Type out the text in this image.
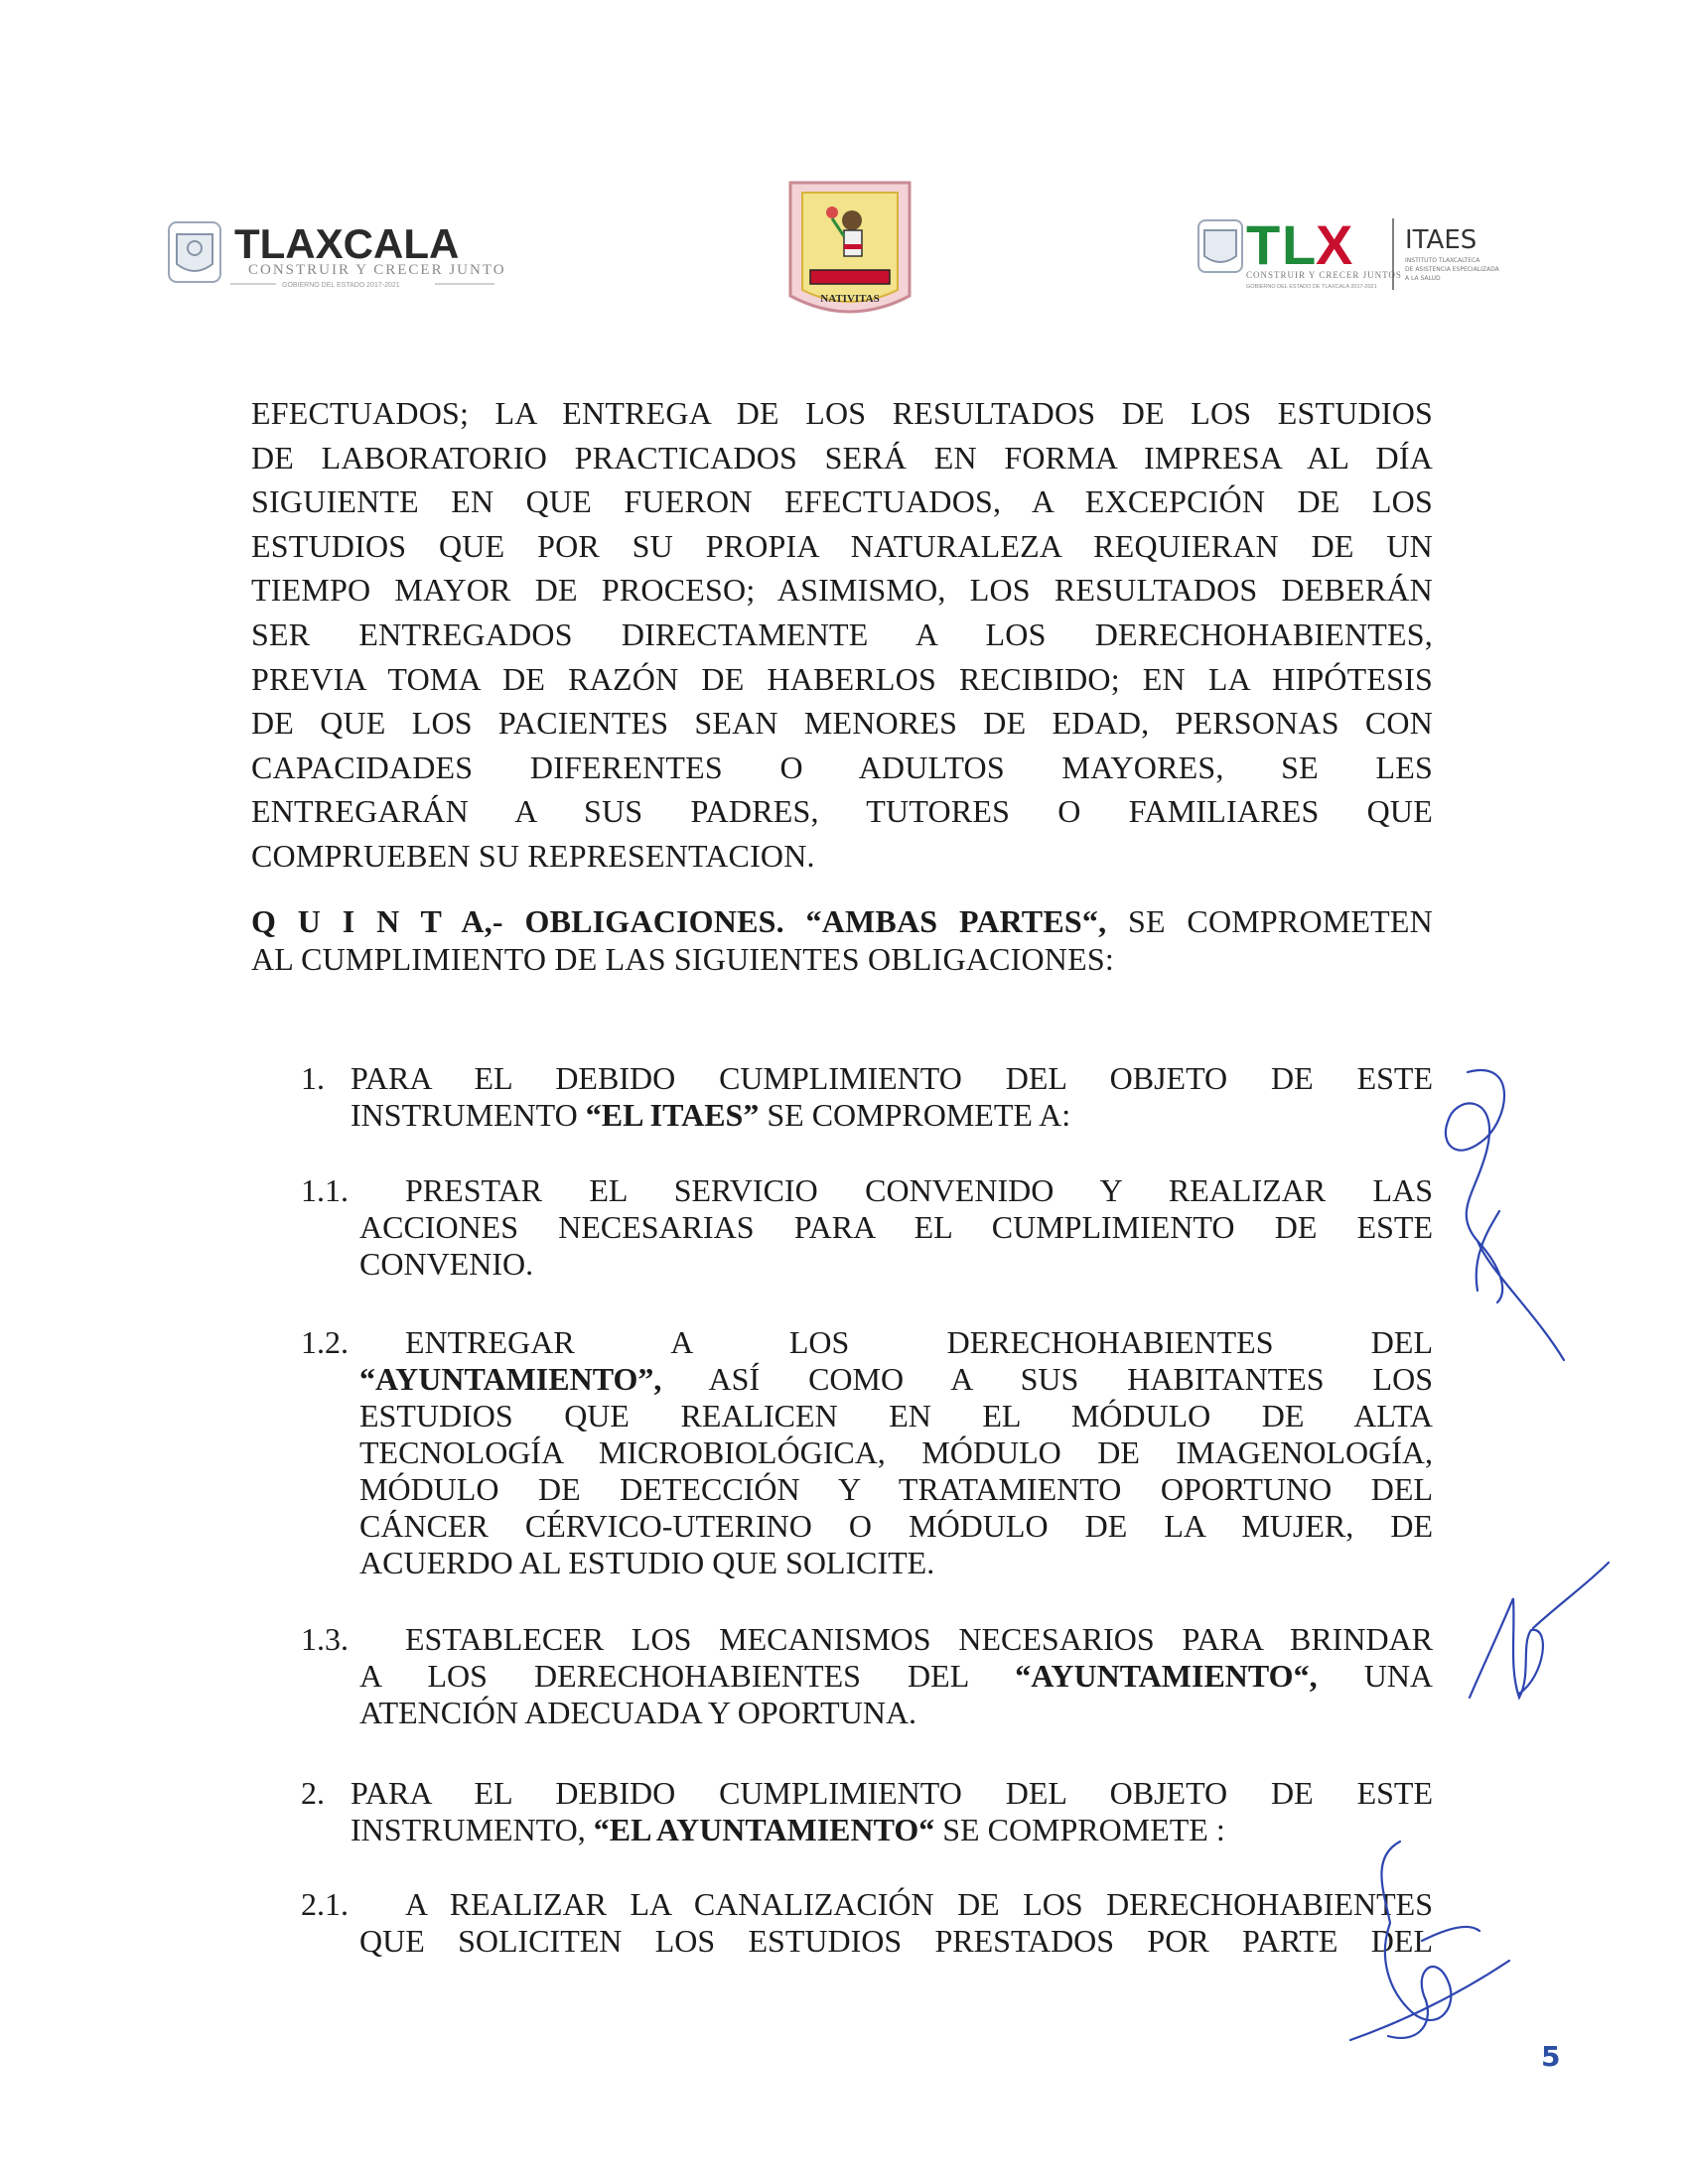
TLAXCALA
CONSTRUIR Y CRECER JUNTOS
GOBIERNO DEL ESTADO 2017-2021
NATIVITAS
T L X
CONSTRUIR Y CRECER JUNTOS
GOBIERNO DEL ESTADO DE TLAXCALA 2017-2021
ITAES
INSTITUTO TLAXCALTECA
DE ASISTENCIA ESPECIALIZADA
A LA SALUD
EFECTUADOS; LA ENTREGA DE LOS RESULTADOS DE LOS ESTUDIOS
DE LABORATORIO PRACTICADOS SERÁ EN FORMA IMPRESA AL DÍA
SIGUIENTE EN QUE FUERON EFECTUADOS, A EXCEPCIÓN DE LOS
ESTUDIOS QUE POR SU PROPIA NATURALEZA REQUIERAN DE UN
TIEMPO MAYOR DE PROCESO; ASIMISMO, LOS RESULTADOS DEBERÁN
SER ENTREGADOS DIRECTAMENTE A LOS DERECHOHABIENTES,
PREVIA TOMA DE RAZÓN DE HABERLOS RECIBIDO; EN LA HIPÓTESIS
DE QUE LOS PACIENTES SEAN MENORES DE EDAD, PERSONAS CON
CAPACIDADES DIFERENTES O ADULTOS MAYORES, SE LES
ENTREGARÁN A SUS PADRES, TUTORES O FAMILIARES QUE
COMPRUEBEN SU REPRESENTACION.
Q U I N T A,- OBLIGACIONES. “AMBAS PARTES“, SE COMPROMETEN
AL CUMPLIMIENTO DE LAS SIGUIENTES OBLIGACIONES:
1. PARA EL DEBIDO CUMPLIMIENTO DEL OBJETO DE ESTE
INSTRUMENTO “EL ITAES” SE COMPROMETE A:
1.1.	PRESTAR EL SERVICIO CONVENIDO Y REALIZAR LAS
ACCIONES NECESARIAS PARA EL CUMPLIMIENTO DE ESTE
CONVENIO.
1.2.	ENTREGAR A LOS DERECHOHABIENTES DEL
“AYUNTAMIENTO”, ASÍ COMO A SUS HABITANTES LOS
ESTUDIOS QUE REALICEN EN EL MÓDULO DE ALTA
TECNOLOGÍA MICROBIOLÓGICA, MÓDULO DE IMAGENOLOGÍA,
MÓDULO DE DETECCIÓN Y TRATAMIENTO OPORTUNO DEL
CÁNCER CÉRVICO-UTERINO O MÓDULO DE LA MUJER, DE
ACUERDO AL ESTUDIO QUE SOLICITE.
1.3.	ESTABLECER LOS MECANISMOS NECESARIOS PARA BRINDAR
A LOS DERECHOHABIENTES DEL “AYUNTAMIENTO“, UNA
ATENCIÓN ADECUADA Y OPORTUNA.
2. PARA EL DEBIDO CUMPLIMIENTO DEL OBJETO DE ESTE
INSTRUMENTO, “EL AYUNTAMIENTO“ SE COMPROMETE :
2.1.	A REALIZAR LA CANALIZACIÓN DE LOS DERECHOHABIENTES
QUE SOLICITEN LOS ESTUDIOS PRESTADOS POR PARTE DEL
5
